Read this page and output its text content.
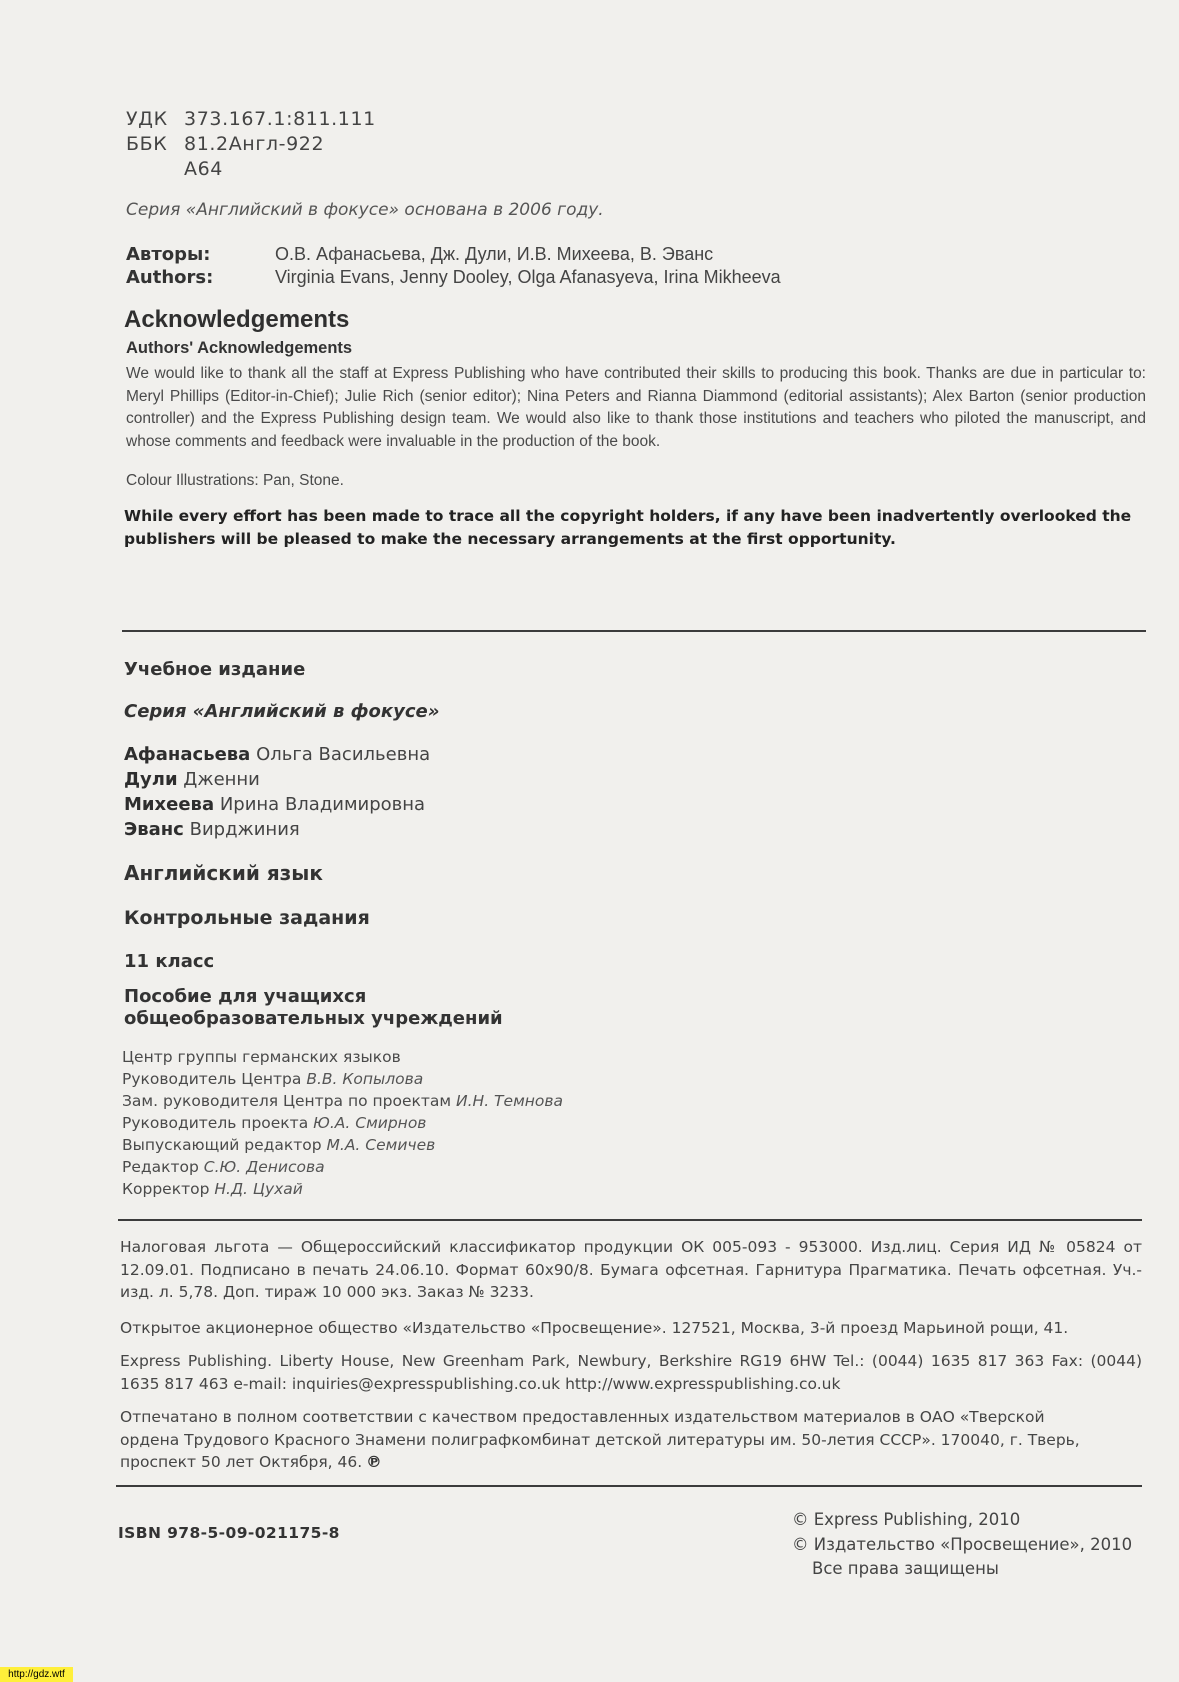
УДК 373.167.1:811.111
ББК 81.2Англ-922
А64
Серия «Английский в фокусе» основана в 2006 году.
Авторы:	О.В. Афанасьева, Дж. Дули, И.В. Михеева, В. Эванс
Authors:	Virginia Evans, Jenny Dooley, Olga Afanasyeva, Irina Mikheeva
Acknowledgements
Authors' Acknowledgements
We would like to thank all the staff at Express Publishing who have contributed their skills to producing this book. Thanks are due in particular to: Meryl Phillips (Editor-in-Chief); Julie Rich (senior editor); Nina Peters and Rianna Diammond (editorial assistants); Alex Barton (senior production controller) and the Express Publishing design team. We would also like to thank those institutions and teachers who piloted the manuscript, and whose comments and feedback were invaluable in the production of the book.
Colour Illustrations: Pan, Stone.
While every effort has been made to trace all the copyright holders, if any have been inadvertently overlooked the publishers will be pleased to make the necessary arrangements at the first opportunity.
Учебное издание
Серия «Английский в фокусе»
Афанасьева Ольга Васильевна
Дули Дженни
Михеева Ирина Владимировна
Эванс Вирджиния
Английский язык
Контрольные задания
11 класс
Пособие для учащихся
общеобразовательных учреждений
Центр группы германских языков
Руководитель Центра В.В. Копылова
Зам. руководителя Центра по проектам И.Н. Темнова
Руководитель проекта Ю.А. Смирнов
Выпускающий редактор М.А. Семичев
Редактор С.Ю. Денисова
Корректор Н.Д. Цухай
Налоговая льгота — Общероссийский классификатор продукции ОК 005-093 - 953000. Изд.лиц. Серия ИД № 05824 от 12.09.01. Подписано в печать 24.06.10. Формат 60х90/8. Бумага офсетная. Гарнитура Прагматика. Печать офсетная. Уч.-изд. л. 5,78. Доп. тираж 10 000 экз. Заказ № 3233.
Открытое акционерное общество «Издательство «Просвещение». 127521, Москва, 3-й проезд Марьиной рощи, 41.
Express Publishing. Liberty House, New Greenham Park, Newbury, Berkshire RG19 6HW Tel.: (0044) 1635 817 363 Fax: (0044) 1635 817 463 e-mail: inquiries@expresspublishing.co.uk http://www.expresspublishing.co.uk
Отпечатано в полном соответствии с качеством предоставленных издательством материалов в ОАО «Тверской ордена Трудового Красного Знамени полиграфкомбинат детской литературы им. 50-летия СССР». 170040, г. Тверь, проспект 50 лет Октября, 46. ℗
ISBN 978-5-09-021175-8
© Express Publishing, 2010
© Издательство «Просвещение», 2010
Все права защищены
http://gdz.wtf
